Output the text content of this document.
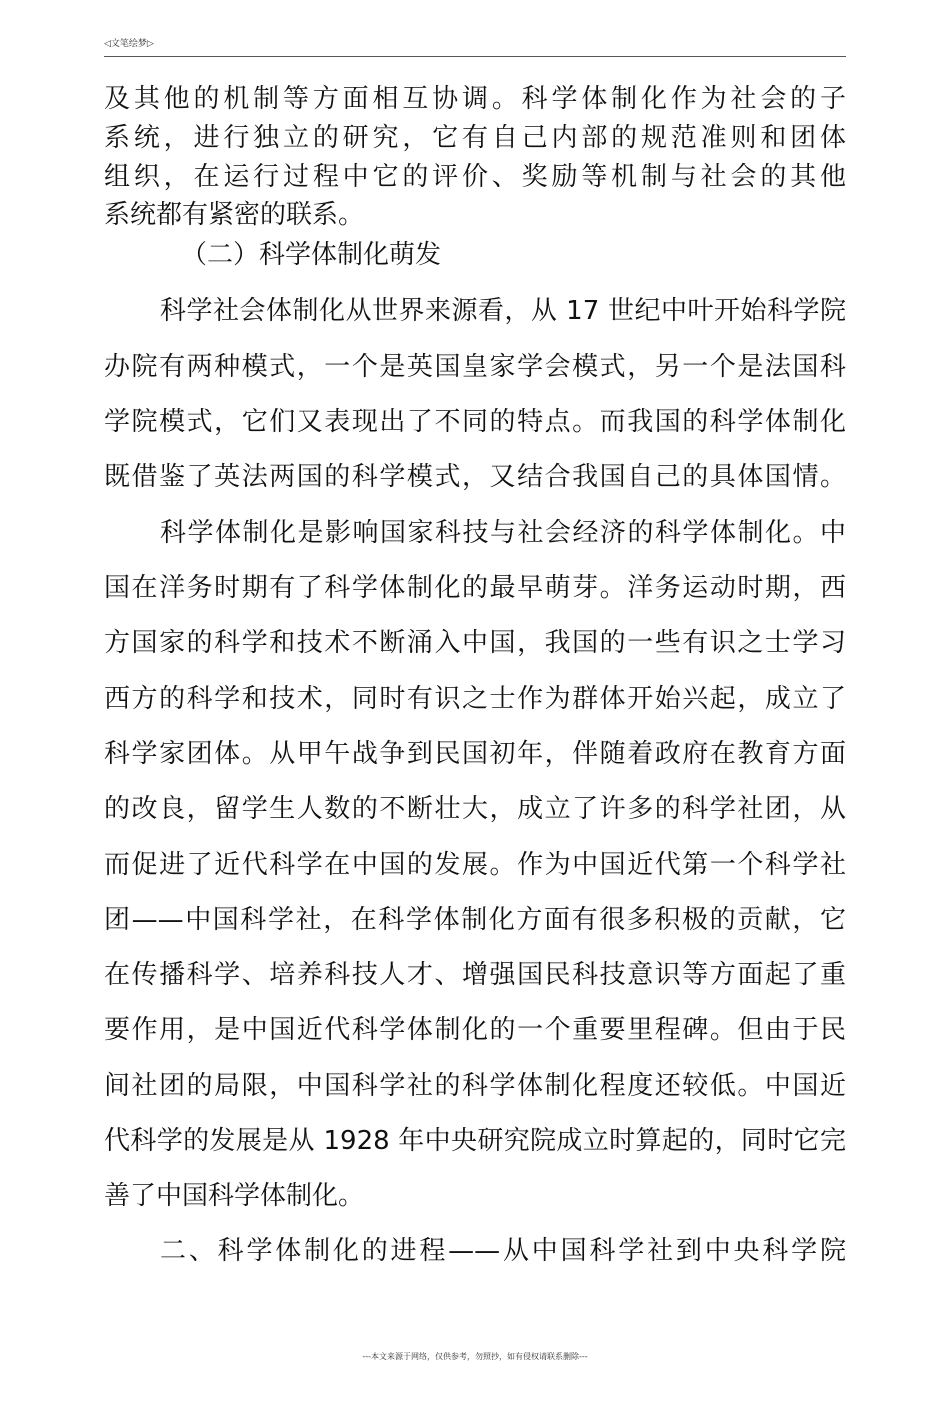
◁文笔绘梦▷
及其他的机制等方面相互协调。科学体制化作为社会的子
系统，进行独立的研究，它有自己内部的规范准则和团体
组织，在运行过程中它的评价、奖励等机制与社会的其他
系统都有紧密的联系。
（二）科学体制化萌发
科学社会体制化从世界来源看，从 17 世纪中叶开始科学院
办院有两种模式，一个是英国皇家学会模式，另一个是法国科
学院模式，它们又表现出了不同的特点。而我国的科学体制化
既借鉴了英法两国的科学模式，又结合我国自己的具体国情。
科学体制化是影响国家科技与社会经济的科学体制化。中
国在洋务时期有了科学体制化的最早萌芽。洋务运动时期，西
方国家的科学和技术不断涌入中国，我国的一些有识之士学习
西方的科学和技术，同时有识之士作为群体开始兴起，成立了
科学家团体。从甲午战争到民国初年，伴随着政府在教育方面
的改良，留学生人数的不断壮大，成立了许多的科学社团，从
而促进了近代科学在中国的发展。作为中国近代第一个科学社
团——中国科学社，在科学体制化方面有很多积极的贡献，它
在传播科学、培养科技人才、增强国民科技意识等方面起了重
要作用，是中国近代科学体制化的一个重要里程碑。但由于民
间社团的局限，中国科学社的科学体制化程度还较低。中国近
代科学的发展是从 1928 年中央研究院成立时算起的，同时它完
善了中国科学体制化。
二、科学体制化的进程——从中国科学社到中央科学院
---本文来源于网络，仅供参考，勿照抄，如有侵权请联系删除---
